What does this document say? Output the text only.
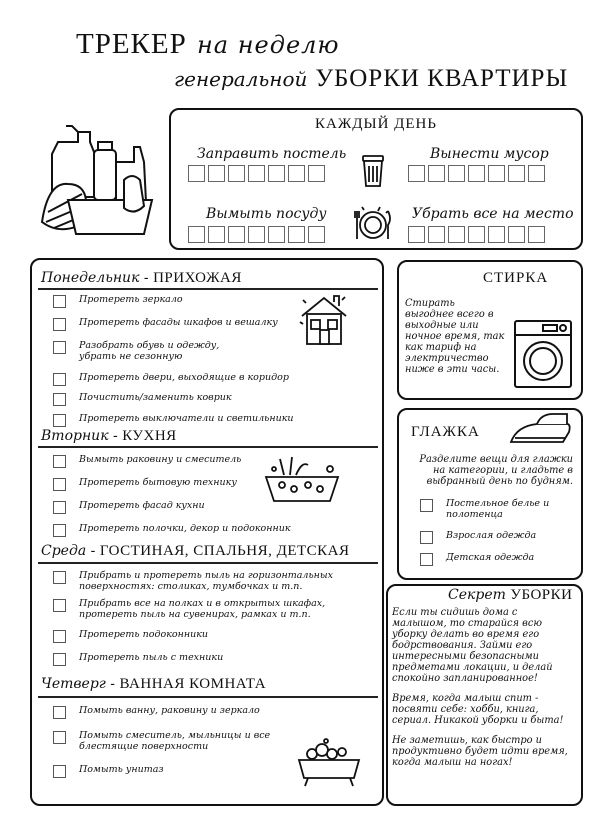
ТРЕКЕР на неделю
генеральной УБОРКИ КВАРТИРЫ
КАЖДЫЙ ДЕНЬ
Заправить постель	Вынести мусор
Вымыть посуду	Убрать все на место
Понедельник - ПРИХОЖАЯ
Протереть зеркало
Протереть фасады шкафов и вешалку
Разобрать обувь и одежду,
убрать не сезонную
Протереть двери, выходящие в коридор
Почистить/заменить коврик
Протереть выключатели и светильники
Вторник - КУХНЯ
Вымыть раковину и смеситель
Протереть бытовую технику
Протереть фасад кухни
Протереть полочки, декор и подоконник
Среда - ГОСТИНАЯ, СПАЛЬНЯ, ДЕТСКАЯ
Прибрать и протереть пыль на горизонтальных
поверхностях: столиках, тумбочках и т.п.
Прибрать все на полках и в открытых шкафах,
протереть пыль на сувенирах, рамках и т.п.
Протереть подоконники
Протереть пыль с техники
Четверг - ВАННАЯ КОМНАТА
Помыть ванну, раковину и зеркало
Помыть смеситель, мыльницы и все
блестящие поверхности
Помыть унитаз
СТИРКА
Стирать
выгоднее всего в
выходные или
ночное время, так
как тариф на
электричество
ниже в эти часы.
ГЛАЖКА
Разделите вещи для глажки
на категории, и гладьте в
выбранный день по будням.
Постельное белье и
полотенца
Взрослая одежда
Детская одежда
Секрет УБОРКИ
Если ты сидишь дома с
малышом, то старайся всю
уборку делать во время его
бодрствования. Займи его
интересными безопасными
предметами локации, и делай
спокойно запланированное!
Время, когда малыш спит -
посвяти себе: хобби, книга,
сериал. Никакой уборки и быта!
Не заметишь, как быстро и
продуктивно будет идти время,
когда малыш на ногах!
